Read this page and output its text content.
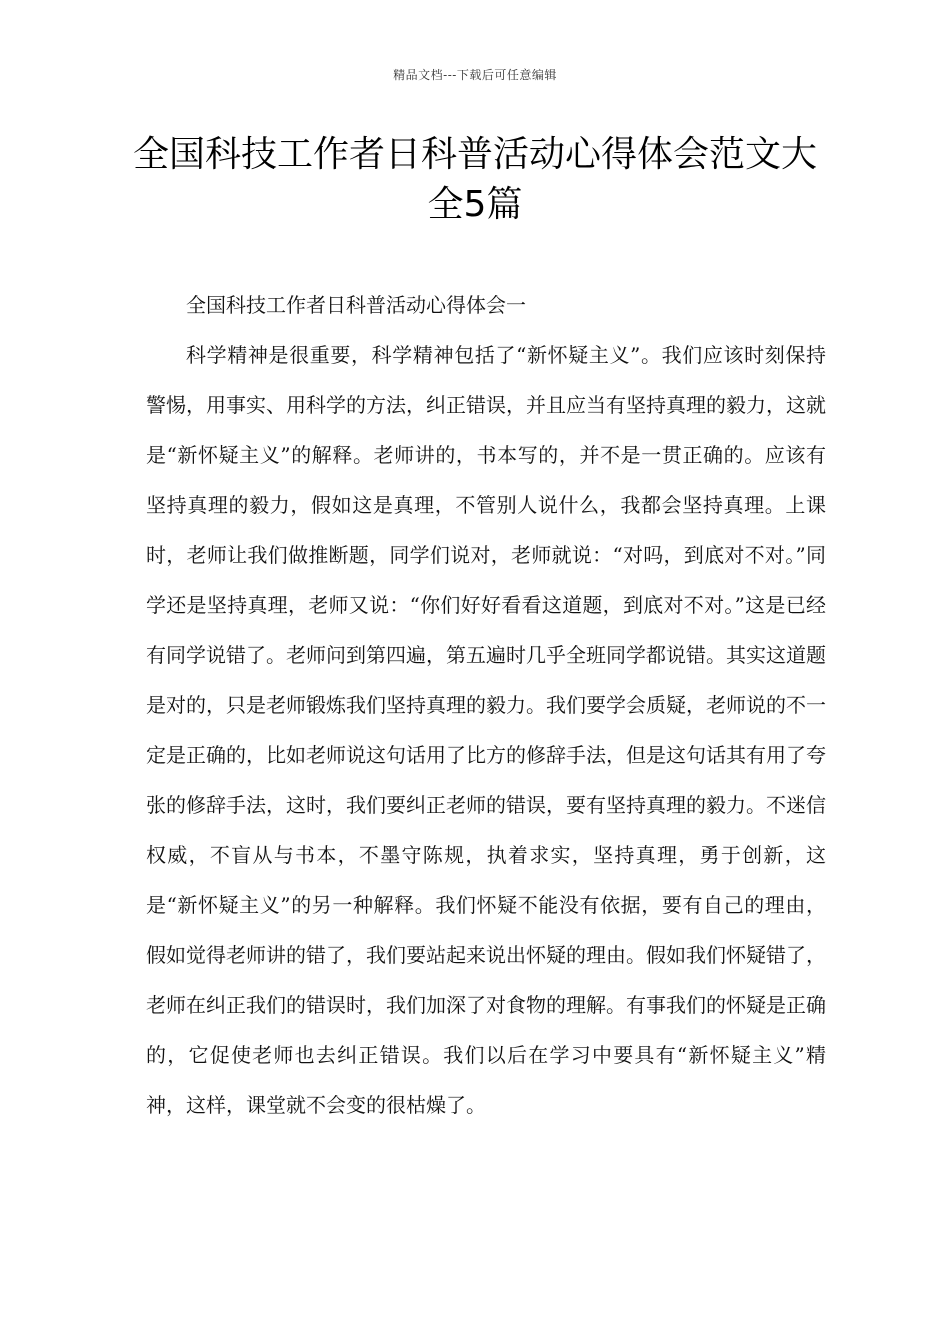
精品文档---下载后可任意编辑
全国科技工作者日科普活动心得体会范文大全5篇

全国科技工作者日科普活动心得体会一

科学精神是很重要，科学精神包括了“新怀疑主义”。我们应该时刻保持警惕，用事实、用科学的方法，纠正错误，并且应当有坚持真理的毅力，这就是“新怀疑主义”的解释。老师讲的，书本写的，并不是一贯正确的。应该有坚持真理的毅力，假如这是真理，不管别人说什么，我都会坚持真理。上课时，老师让我们做推断题，同学们说对，老师就说：“对吗，到底对不对。”同学还是坚持真理，老师又说：“你们好好看看这道题，到底对不对。”这是已经有同学说错了。老师问到第四遍，第五遍时几乎全班同学都说错。其实这道题是对的，只是老师锻炼我们坚持真理的毅力。我们要学会质疑，老师说的不一定是正确的，比如老师说这句话用了比方的修辞手法，但是这句话其有用了夸张的修辞手法，这时，我们要纠正老师的错误，要有坚持真理的毅力。不迷信权威，不盲从与书本，不墨守陈规，执着求实，坚持真理，勇于创新，这是“新怀疑主义”的另一种解释。我们怀疑不能没有依据，要有自己的理由，假如觉得老师讲的错了，我们要站起来说出怀疑的理由。假如我们怀疑错了，老师在纠正我们的错误时，我们加深了对食物的理解。有事我们的怀疑是正确的，它促使老师也去纠正错误。我们以后在学习中要具有“新怀疑主义”精神，这样，课堂就不会变的很枯燥了。
